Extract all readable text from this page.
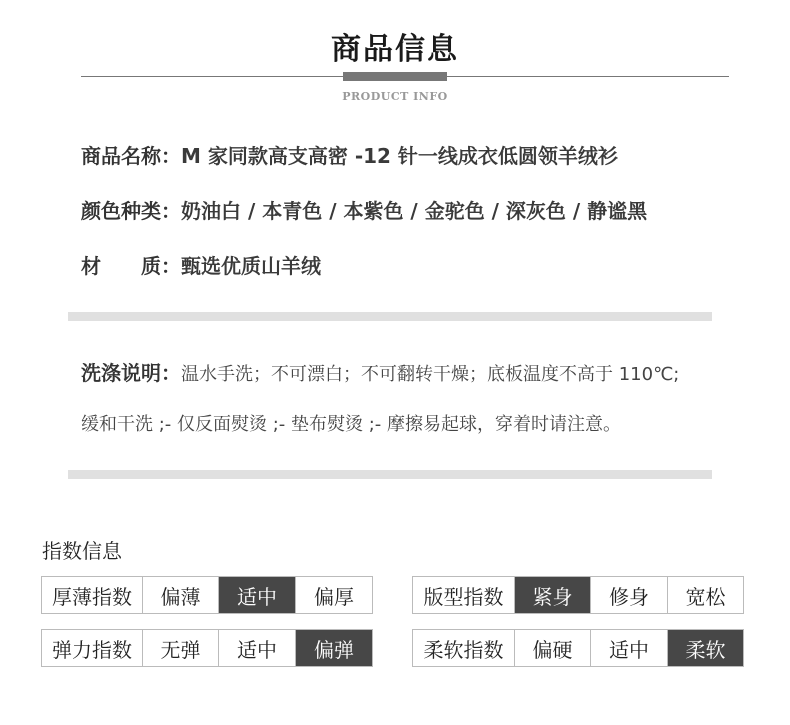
商品信息
PRODUCT INFO
商品名称：M 家同款高支高密 -12 针一线成衣低圆领羊绒衫
颜色种类：奶油白 / 本青色 / 本紫色 / 金驼色 / 深灰色 / 静谧黑
材　　质：甄选优质山羊绒
洗涤说明：温水手洗；不可漂白；不可翻转干燥；底板温度不高于 110℃;
缓和干洗 ;- 仅反面熨烫 ;- 垫布熨烫 ;- 摩擦易起球，穿着时请注意。
指数信息
厚薄指数	偏薄	适中	偏厚	版型指数	紧身	修身	宽松
弹力指数	无弹	适中	偏弹	柔软指数	偏硬	适中	柔软
